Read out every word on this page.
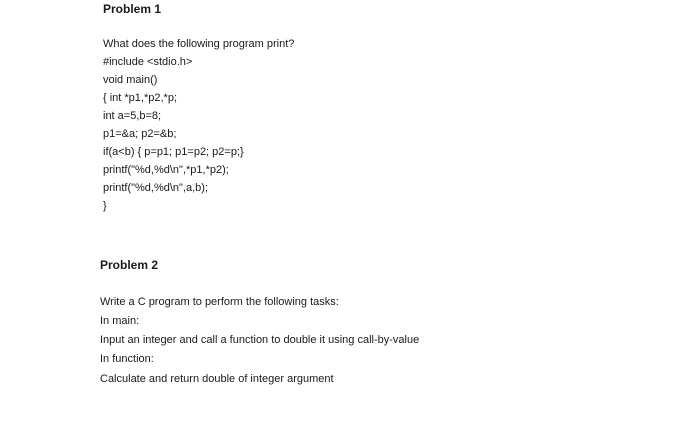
Problem 1
What does the following program print?
#include <stdio.h>
void main()
{ int *p1,*p2,*p;
int a=5,b=8;
p1=&a; p2=&b;
if(a<b) { p=p1; p1=p2; p2=p;}
printf("%d,%d\n",*p1,*p2);
printf("%d,%d\n",a,b);
}
Problem 2
Write a C program to perform the following tasks:
In main:
Input an integer and call a function to double it using call-by-value
In function:
Calculate and return double of integer argument
